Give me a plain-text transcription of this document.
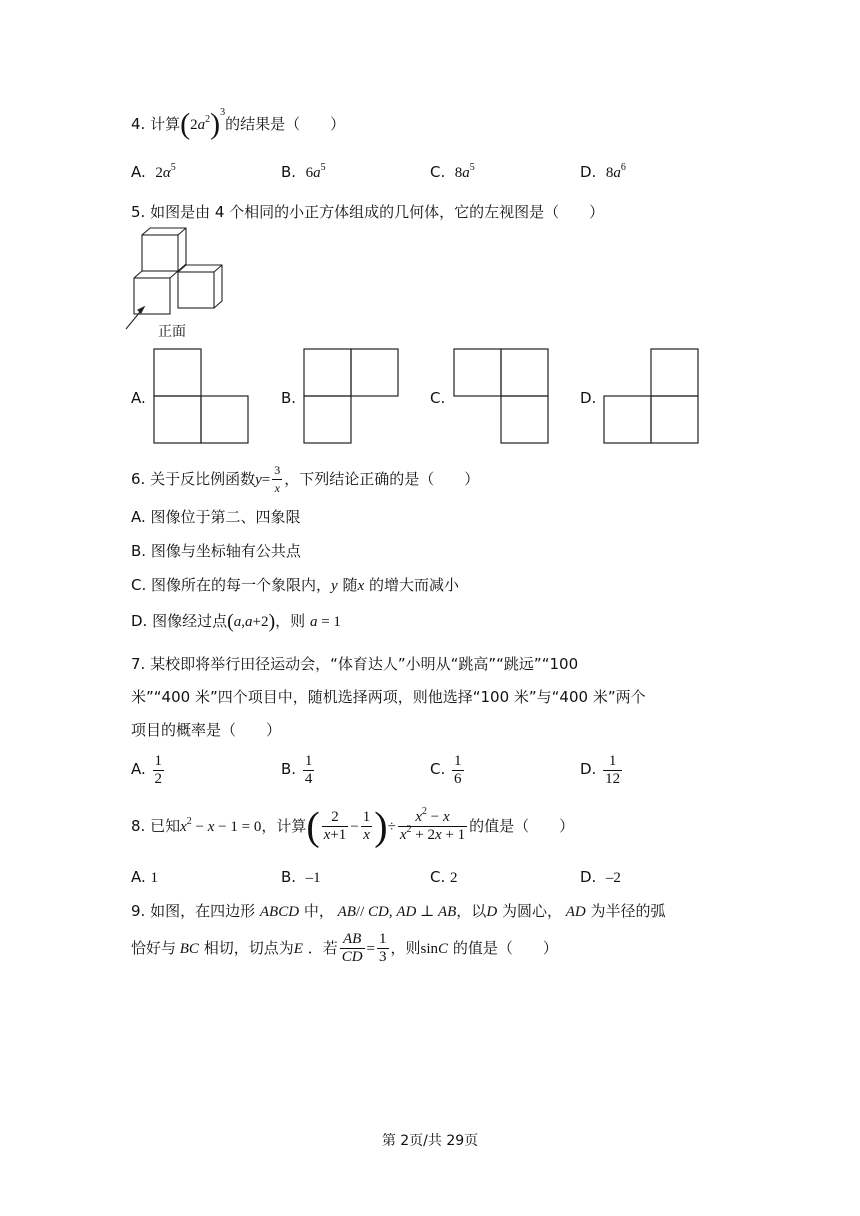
4. 计算$(2a^2)^3$的结果是（　　）
A. $2\alpha^5$	B. $6a^5$	C. $8a^5$	D. $8a^6$
5. 如图是由 4 个相同的小正方体组成的几何体，它的左视图是（　　）
正面
A.	B.	C.	D.
6. 关于反比例函数$y= \frac{3}{x}$ ，下列结论正确的是（　　）
A. 图像位于第二、四象限
B. 图像与坐标轴有公共点
C. 图像所在的每一个象限内，y 随x 的增大而减小
D. 图像经过点(a,a+2)，则 a = 1
7. 某校即将举行田径运动会，“体育达人”小明从“跳高”“跳远”“100
米”“400 米”四个项目中，随机选择两项，则他选择“100 米”与“400 米”两个
项目的概率是（　　）
A. $\frac{1}{2}$	B. $\frac{1}{4}$	C. $\frac{1}{6}$	D. $\frac{1}{12}$
8. 已知$x^2 - x - 1 = 0$，计算( $\frac{2}{x+1} - \frac{1}{x}$ )÷ $\frac{x^2 - x}{x^2 + 2x + 1}$ 的值是（　　）
A. 1	B. –1	C. 2	D. –2
9. 如图，在四边形 ABCD 中， AB// CD, AD ⊥ AB，以D 为圆心， AD 为半径的弧
恰好与 BC 相切，切点为E ．若 $\frac{AB}{CD} = \frac{1}{3}$ ，则sinC 的值是（　　）
第 2页/共 29页
